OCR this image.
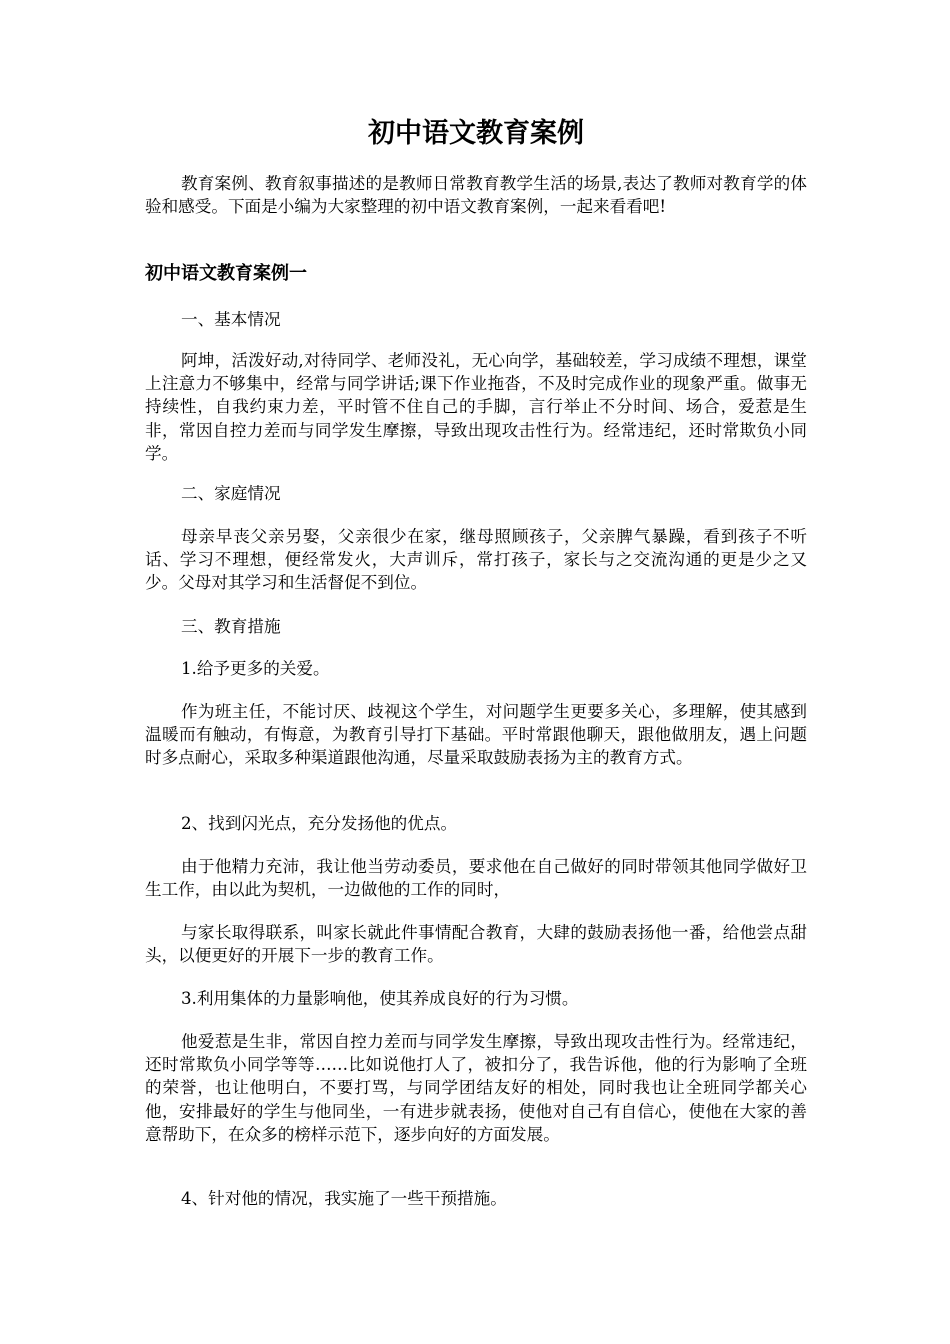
初中语文教育案例

教育案例、教育叙事描述的是教师日常教育教学生活的场景,表达了教师对教育学的体验和感受。下面是小编为大家整理的初中语文教育案例，一起来看看吧!

初中语文教育案例一

一、基本情况

阿坤，活泼好动,对待同学、老师没礼，无心向学，基础较差，学习成绩不理想，课堂上注意力不够集中，经常与同学讲话;课下作业拖沓，不及时完成作业的现象严重。做事无持续性，自我约束力差，平时管不住自己的手脚，言行举止不分时间、场合，爱惹是生非，常因自控力差而与同学发生摩擦，导致出现攻击性行为。经常违纪，还时常欺负小同学。

二、家庭情况

母亲早丧父亲另娶，父亲很少在家，继母照顾孩子，父亲脾气暴躁，看到孩子不听话、学习不理想，便经常发火，大声训斥，常打孩子，家长与之交流沟通的更是少之又少。父母对其学习和生活督促不到位。

三、教育措施

1.给予更多的关爱。

作为班主任，不能讨厌、歧视这个学生，对问题学生更要多关心，多理解，使其感到温暖而有触动，有悔意，为教育引导打下基础。平时常跟他聊天，跟他做朋友，遇上问题时多点耐心，采取多种渠道跟他沟通，尽量采取鼓励表扬为主的教育方式。

2、找到闪光点，充分发扬他的优点。

由于他精力充沛，我让他当劳动委员，要求他在自己做好的同时带领其他同学做好卫生工作，由以此为契机，一边做他的工作的同时，

与家长取得联系，叫家长就此件事情配合教育，大肆的鼓励表扬他一番，给他尝点甜头，以便更好的开展下一步的教育工作。

3.利用集体的力量影响他，使其养成良好的行为习惯。

他爱惹是生非，常因自控力差而与同学发生摩擦，导致出现攻击性行为。经常违纪，还时常欺负小同学等等……比如说他打人了，被扣分了，我告诉他，他的行为影响了全班的荣誉，也让他明白，不要打骂，与同学团结友好的相处，同时我也让全班同学都关心他，安排最好的学生与他同坐，一有进步就表扬，使他对自己有自信心，使他在大家的善意帮助下，在众多的榜样示范下，逐步向好的方面发展。

4、针对他的情况，我实施了一些干预措施。
